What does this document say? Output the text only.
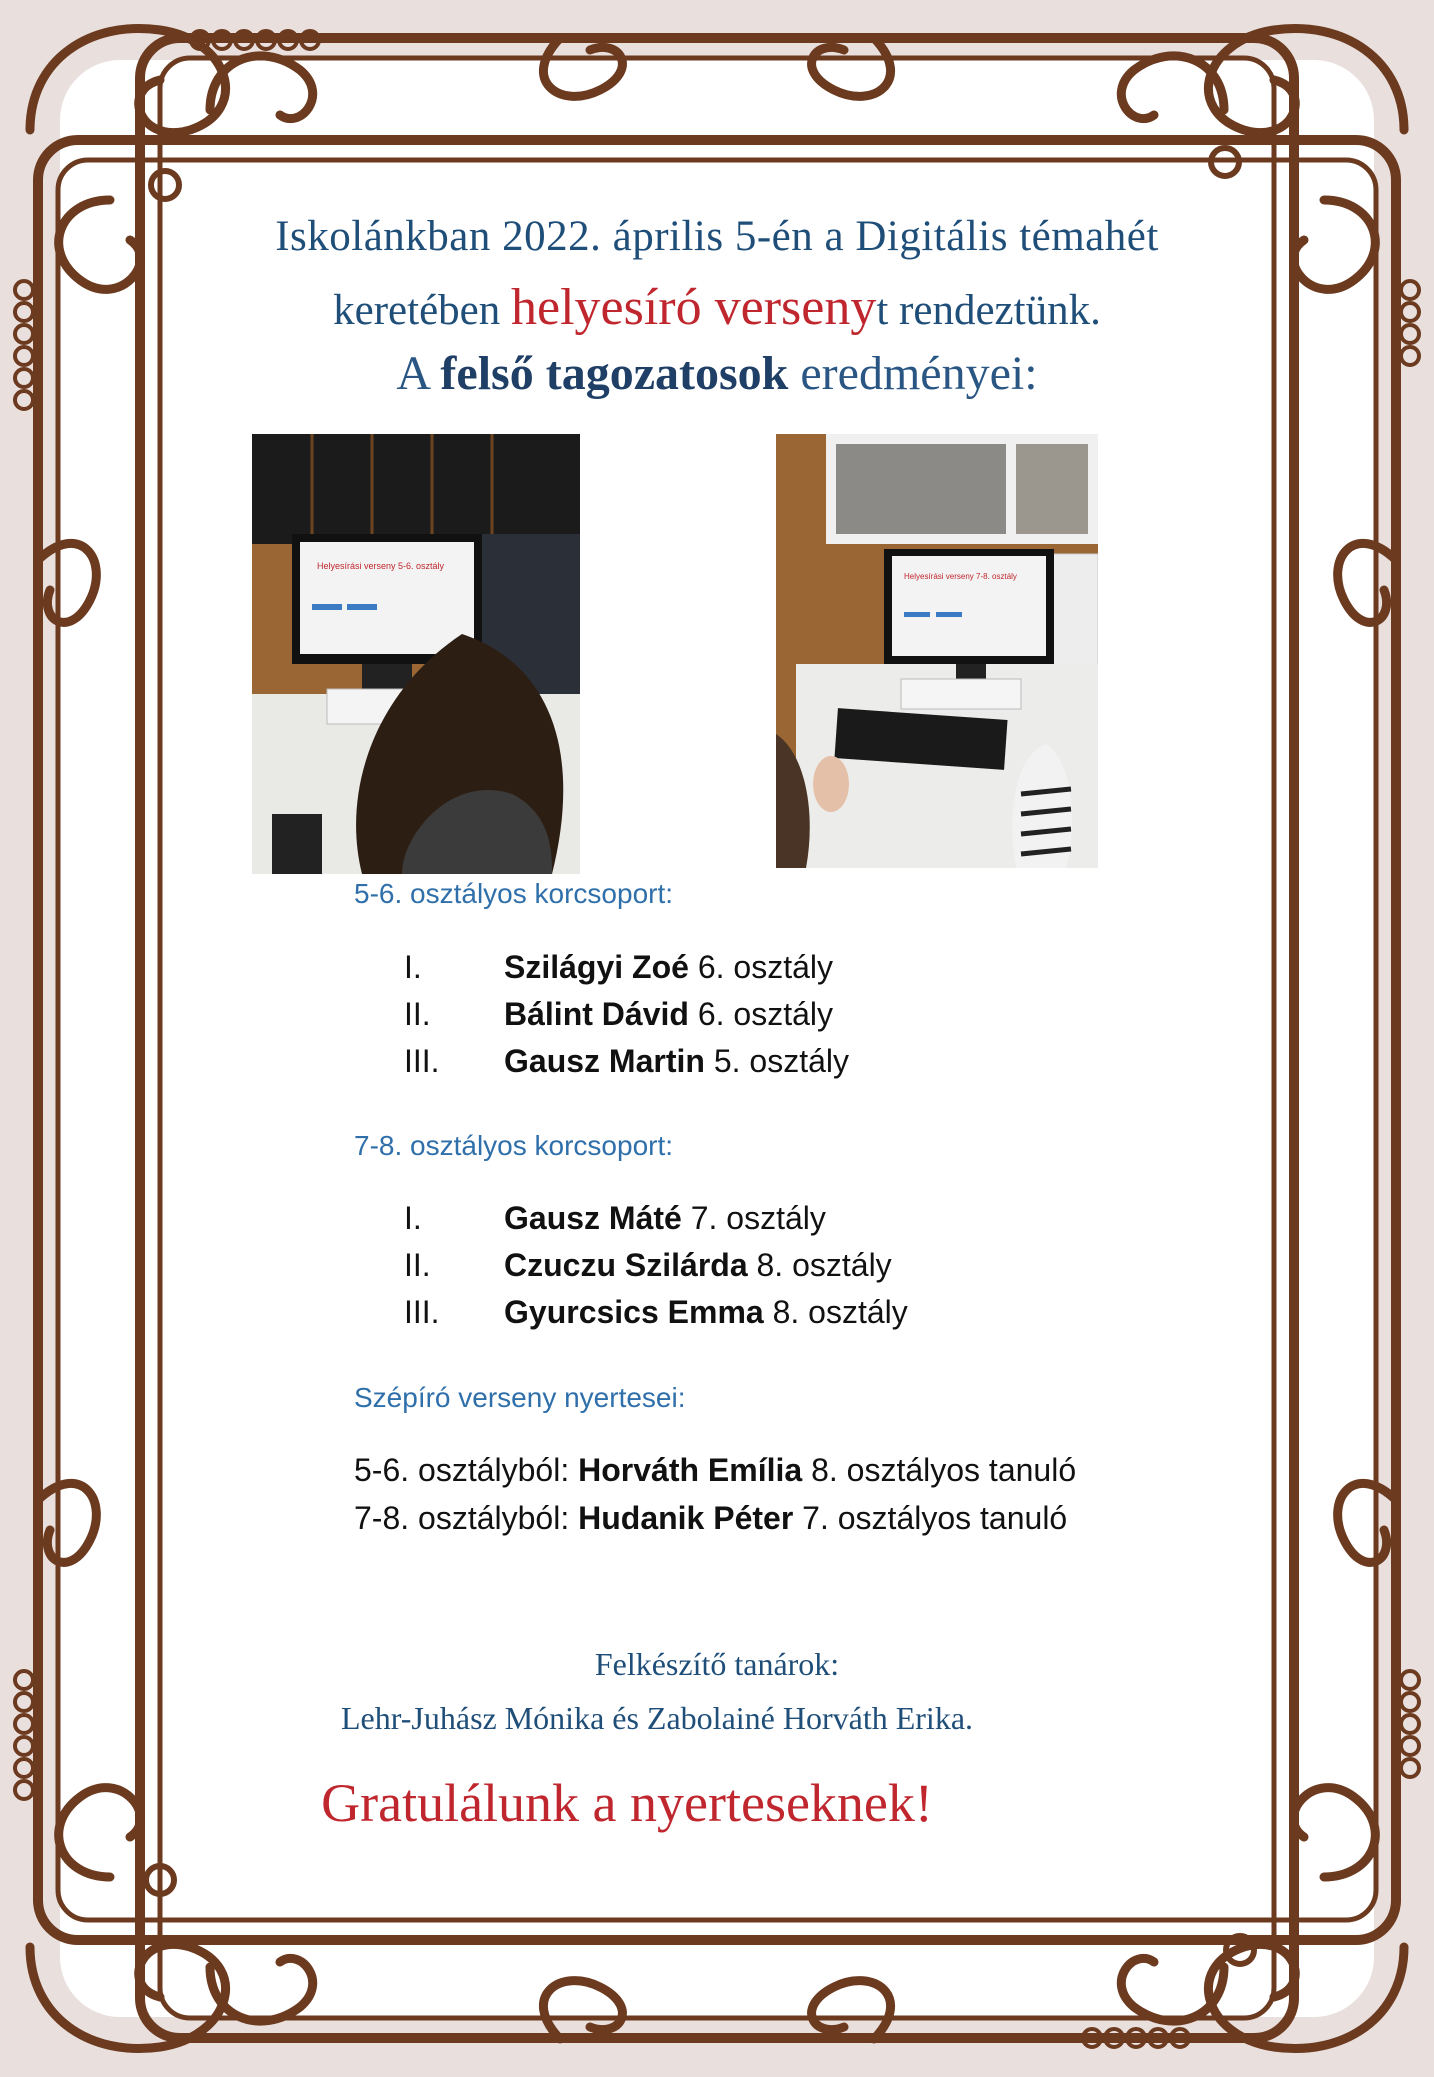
Iskolánkban 2022. április 5-én a Digitális témahét
keretében helyesíró versenyt rendeztünk.
A felső tagozatosok eredményei:
Helyesírási verseny 5-6. osztály
Helyesírási verseny 7-8. osztály
5-6. osztályos korcsoport:
I.	Szilágyi Zoé 6. osztály
II. Bálint Dávid 6. osztály
III. Gausz Martin 5. osztály
7-8. osztályos korcsoport:
I.	Gausz Máté 7. osztály
II. Czuczu Szilárda 8. osztály
III. Gyurcsics Emma 8. osztály
Szépíró verseny nyertesei:
5-6. osztályból: Horváth Emília 8. osztályos tanuló
7-8. osztályból: Hudanik Péter 7. osztályos tanuló
Felkészítő tanárok:
Lehr-Juhász Mónika és Zabolainé Horváth Erika.
Gratulálunk a nyerteseknek!
